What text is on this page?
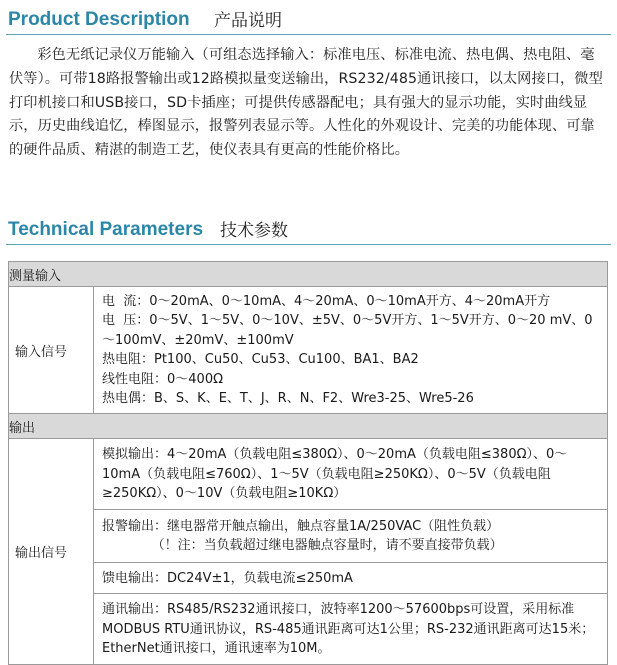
Product Description 产品说明

彩色无纸记录仪万能输入（可组态选择输入：标准电压、标准电流、热电偶、热电阻、毫伏等）。可带18路报警输出或12路模拟量变送输出，RS232/485通讯接口，以太网接口，微型打印机接口和USB接口，SD卡插座；可提供传感器配电；具有强大的显示功能，实时曲线显示，历史曲线追忆，棒图显示，报警列表显示等。人性化的外观设计、完美的功能体现、可靠的硬件品质、精湛的制造工艺，使仪表具有更高的性能价格比。

Technical Parameters 技术参数
测量输入	
输入信号	电  流：0～20mA、0～10mA、4～20mA、0～10mA开方、4～20mA开方
电  压：0～5V、1～5V、0～10V、±5V、0～5V开方、1～5V开方、0～20 mV、0～100mV、±20mV、±100mV
热电阻：Pt100、Cu50、Cu53、Cu100、BA1、BA2
线性电阻：0～400Ω
热电偶：B、S、K、E、T、J、R、N、F2、Wre3-25、Wre5-26

输出	
输出信号	模拟输出：4～20mA（负载电阻≤380Ω）、0～20mA（负载电阻≤380Ω）、0～10mA（负载电阻≤760Ω）、1～5V（负载电阻≥250KΩ）、0～5V（负载电阻≥250KΩ）、0～10V（负载电阻≥10KΩ）

	报警输出：继电器常开触点输出，触点容量1A/250VAC（阻性负载）
（！注：当负载超过继电器触点容量时，请不要直接带负载）

	馈电输出：DC24V±1，负载电流≤250mA

	通讯输出：RS485/RS232通讯接口，波特率1200～57600bps可设置，采用标准MODBUS RTU通讯协议，RS-485通讯距离可达1公里；RS-232通讯距离可达15米；EtherNet通讯接口，通讯速率为10M。
